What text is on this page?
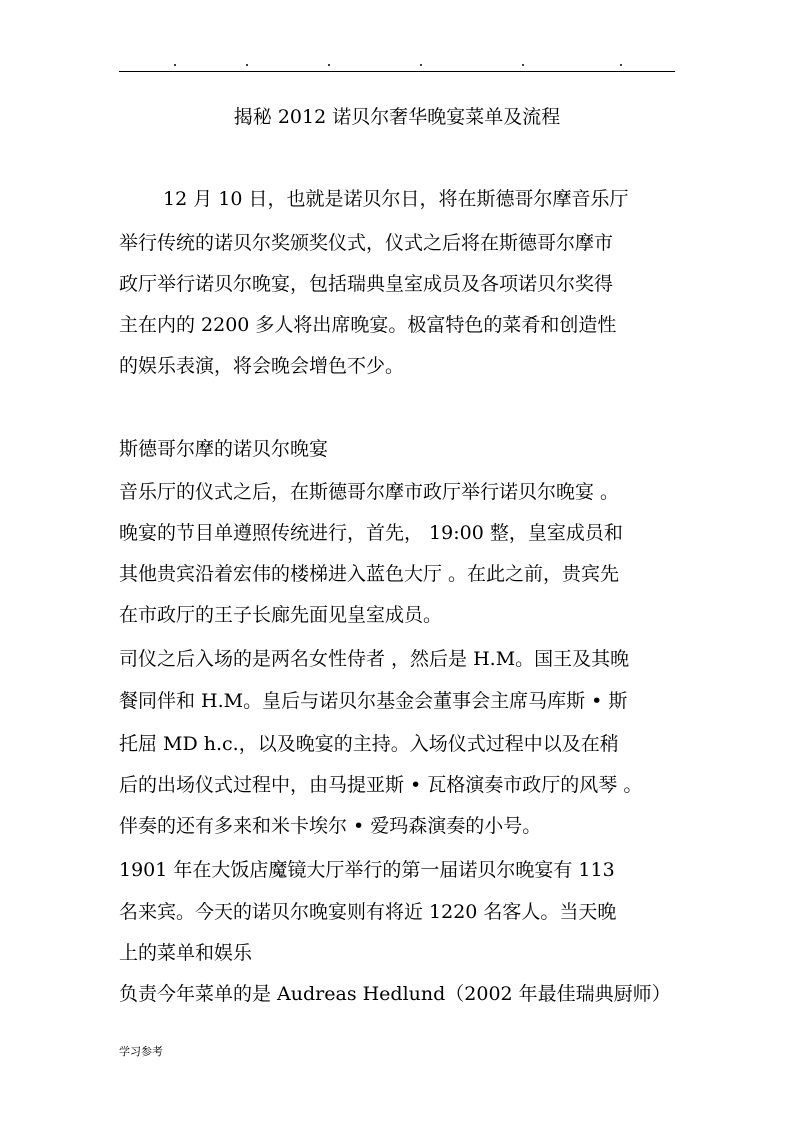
揭秘 2012 诺贝尔奢华晚宴菜单及流程
12 月 10 日，也就是诺贝尔日，将在斯德哥尔摩音乐厅
举行传统的诺贝尔奖颁奖仪式，仪式之后将在斯德哥尔摩市
政厅举行诺贝尔晚宴，包括瑞典皇室成员及各项诺贝尔奖得
主在内的 2200 多人将出席晚宴。极富特色的菜肴和创造性
的娱乐表演，将会晚会增色不少。
斯德哥尔摩的诺贝尔晚宴
音乐厅的仪式之后，在斯德哥尔摩市政厅举行诺贝尔晚宴 。
晚宴的节目单遵照传统进行，首先， 19:00 整，皇室成员和
其他贵宾沿着宏伟的楼梯进入蓝色大厅 。在此之前，贵宾先
在市政厅的王子长廊先面见皇室成员。
司仪之后入场的是两名女性侍者 ，然后是 H.M。国王及其晚
餐同伴和 H.M。皇后与诺贝尔基金会董事会主席马库斯 • 斯
托屈 MD h.c.，以及晚宴的主持。入场仪式过程中以及在稍
后的出场仪式过程中，由马提亚斯 • 瓦格演奏市政厅的风琴 。
伴奏的还有多来和米卡埃尔 • 爱玛森演奏的小号。
1901 年在大饭店魔镜大厅举行的第一届诺贝尔晚宴有 113
名来宾。今天的诺贝尔晚宴则有将近 1220 名客人。当天晚
上的菜单和娱乐
负责今年菜单的是 Audreas Hedlund（2002 年最佳瑞典厨师）
学习参考
